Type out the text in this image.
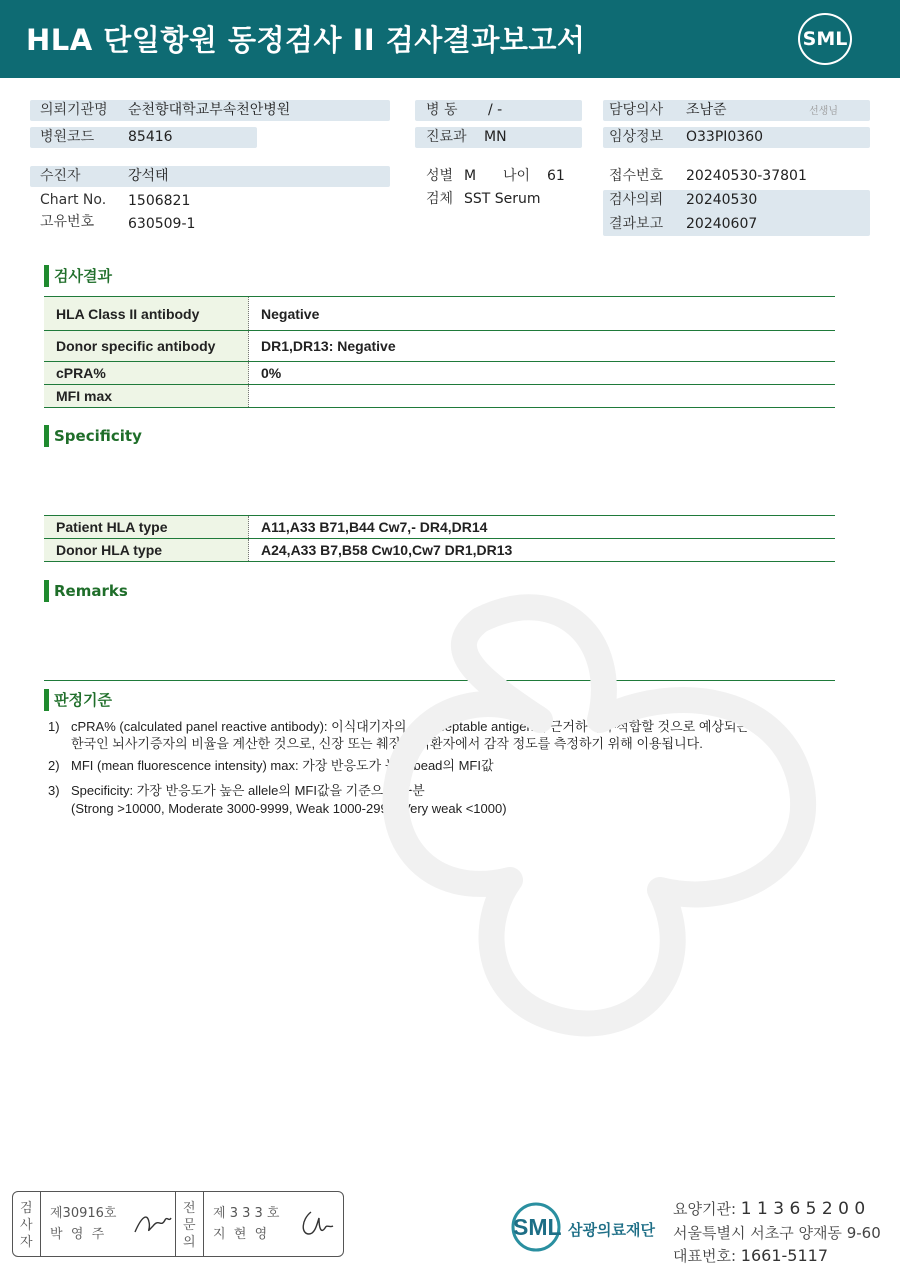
HLA 단일항원 동정검사 II 검사결과보고서	SML
의뢰기관명 순천향대학교부속천안병원
병원코드 85416
병 동 / -
진료과 MN
담당의사 조남준	선생님
임상정보 O33PI0360
수진자	강석태
Chart No. 1506821
고유번호 630509-1
성별 M 나이 61
검체 SST Serum
접수번호 20240530-37801
검사의뢰 20240530
결과보고 20240607
검사결과
HLA Class II antibody	Negative
Donor specific antibody	DR1,DR13: Negative
cPRA%	0%
MFI max	
Specificity
Patient HLA type	A11,A33 B71,B44 Cw7,- DR4,DR14
Donor HLA type	A24,A33 B7,B58 Cw10,Cw7 DR1,DR13
Remarks
판정기준
1) cPRA% (calculated panel reactive antibody): 이식대기자의 unacceptable antigen에 근거하여 부적합할 것으로 예상되는
한국인 뇌사기증자의 비율을 계산한 것으로, 신장 또는 췌장 이식환자에서 감작 정도를 측정하기 위해 이용됩니다.
2) MFI (mean fluorescence intensity) max: 가장 반응도가 높은 bead의 MFI값
3) Specificity: 가장 반응도가 높은 allele의 MFI값을 기준으로 구분
(Strong >10000, Moderate 3000-9999, Weak 1000-2999, Very weak <1000)
검
사
자
제30916호
박  영  주
전
문
의
제 3 3 3 호
지  현  영	SML 삼광의료재단
요양기관: 1 1 3 6 5 2 0 0
서울특별시 서초구 양재동 9-60
대표번호: 1661-5117
